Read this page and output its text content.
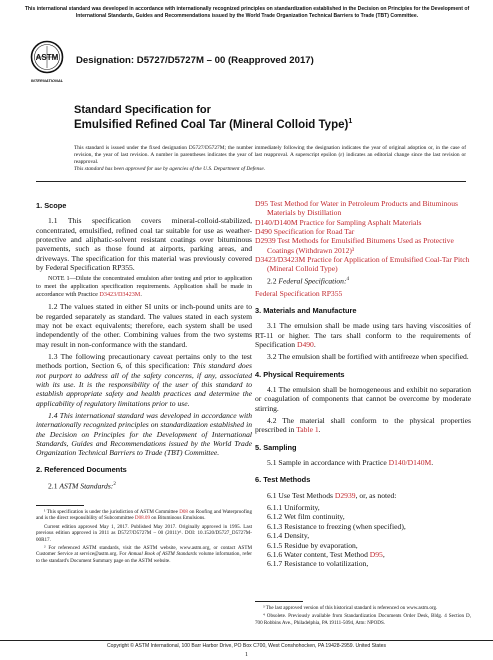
This international standard was developed in accordance with internationally recognized principles on standardization established in the Decision on Principles for the Development of International Standards, Guides and Recommendations issued by the World Trade Organization Technical Barriers to Trade (TBT) Committee.
ASTM
INTERNATIONAL
Designation: D5727/D5727M – 00 (Reapproved 2017)
Standard Specification for
Emulsified Refined Coal Tar (Mineral Colloid Type)$^1$
This standard is issued under the fixed designation D5727/D5727M; the number immediately following the designation indicates the year of original adoption or, in the case of revision, the year of last revision. A number in parentheses indicates the year of last reapproval. A superscript epsilon (ε) indicates an editorial change since the last revision or reapproval.
This standard has been approved for use by agencies of the U.S. Department of Defense.
1. Scope

1.1 This specification covers mineral-colloid-stabilized, concentrated, emulsified, refined coal tar suitable for use as weather-protective and aliphatic-solvent resistant coatings over bituminous pavements, such as those found at airports, parking areas, and driveways. The specification for this material was previously covered by Federal Specification RP355.

NOTE 1—Dilute the concentrated emulsion after testing and prior to application to meet the application specification requirements. Application shall be made in accordance with Practice D3423/D3423M.

1.2 The values stated in either SI units or inch-pound units are to be regarded separately as standard. The values stated in each system may not be exact equivalents; therefore, each system shall be used independently of the other. Combining values from the two systems may result in non-conformance with the standard.

1.3 The following precautionary caveat pertains only to the test methods portion, Section 6, of this specification: This standard does not purport to address all of the safety concerns, if any, associated with its use. It is the responsibility of the user of this standard to establish appropriate safety and health practices and determine the applicability of regulatory limitations prior to use.

1.4 This international standard was developed in accordance with internationally recognized principles on standardization established in the Decision on Principles for the Development of International Standards, Guides and Recommendations issued by the World Trade Organization Technical Barriers to Trade (TBT) Committee.

2. Referenced Documents

2.1 ASTM Standards:$^2$

¹ This specification is under the jurisdiction of ASTM Committee D08 on Roofing and Waterproofing and is the direct responsibility of Subcommittee D08.09 on Bituminous Emulsions.

Current edition approved May 1, 2017. Published May 2017. Originally approved in 1995. Last previous edition approved in 2011 as D5727/D5727M – 00 (2011)ᵋ¹. DOI: 10.1520/D5727_D5727M-00R17.

² For referenced ASTM standards, visit the ASTM website, www.astm.org, or contact ASTM Customer Service at service@astm.org. For Annual Book of ASTM Standards volume information, refer to the standard's Document Summary page on the ASTM website.

D95 Test Method for Water in Petroleum Products and Bituminous Materials by Distillation

D140/D140M Practice for Sampling Asphalt Materials

D490 Specification for Road Tar

D2939 Test Methods for Emulsified Bitumens Used as Protective Coatings (Withdrawn 2012)³

D3423/D3423M Practice for Application of Emulsified Coal-Tar Pitch (Mineral Colloid Type)

2.2 Federal Specification:$^4$

Federal Specification RP355

3. Materials and Manufacture

3.1 The emulsion shall be made using tars having viscosities of RT-11 or higher. The tars shall conform to the requirements of Specification D490.

3.2 The emulsion shall be fortified with antifreeze when specified.

4. Physical Requirements

4.1 The emulsion shall be homogeneous and exhibit no separation or coagulation of components that cannot be overcome by moderate stirring.

4.2 The material shall conform to the physical properties prescribed in Table 1.

5. Sampling

5.1 Sample in accordance with Practice D140/D140M.

6. Test Methods

6.1 Use Test Methods D2939, or, as noted:

6.1.1 Uniformity,

6.1.2 Wet film continuity,

6.1.3 Resistance to freezing (when specified),

6.1.4 Density,

6.1.5 Residue by evaporation,

6.1.6 Water content, Test Method D95,

6.1.7 Resistance to volatilization,

³ The last approved version of this historical standard is referenced on www.astm.org.

⁴ Obsolete. Previously available from Standardization Documents Order Desk, Bldg. 4 Section D, 700 Robbins Ave., Philadelphia, PA 19111-5094, Attn: NPODS.

Copyright © ASTM International, 100 Barr Harbor Drive, PO Box C700, West Conshohocken, PA 19428-2959. United States
1
